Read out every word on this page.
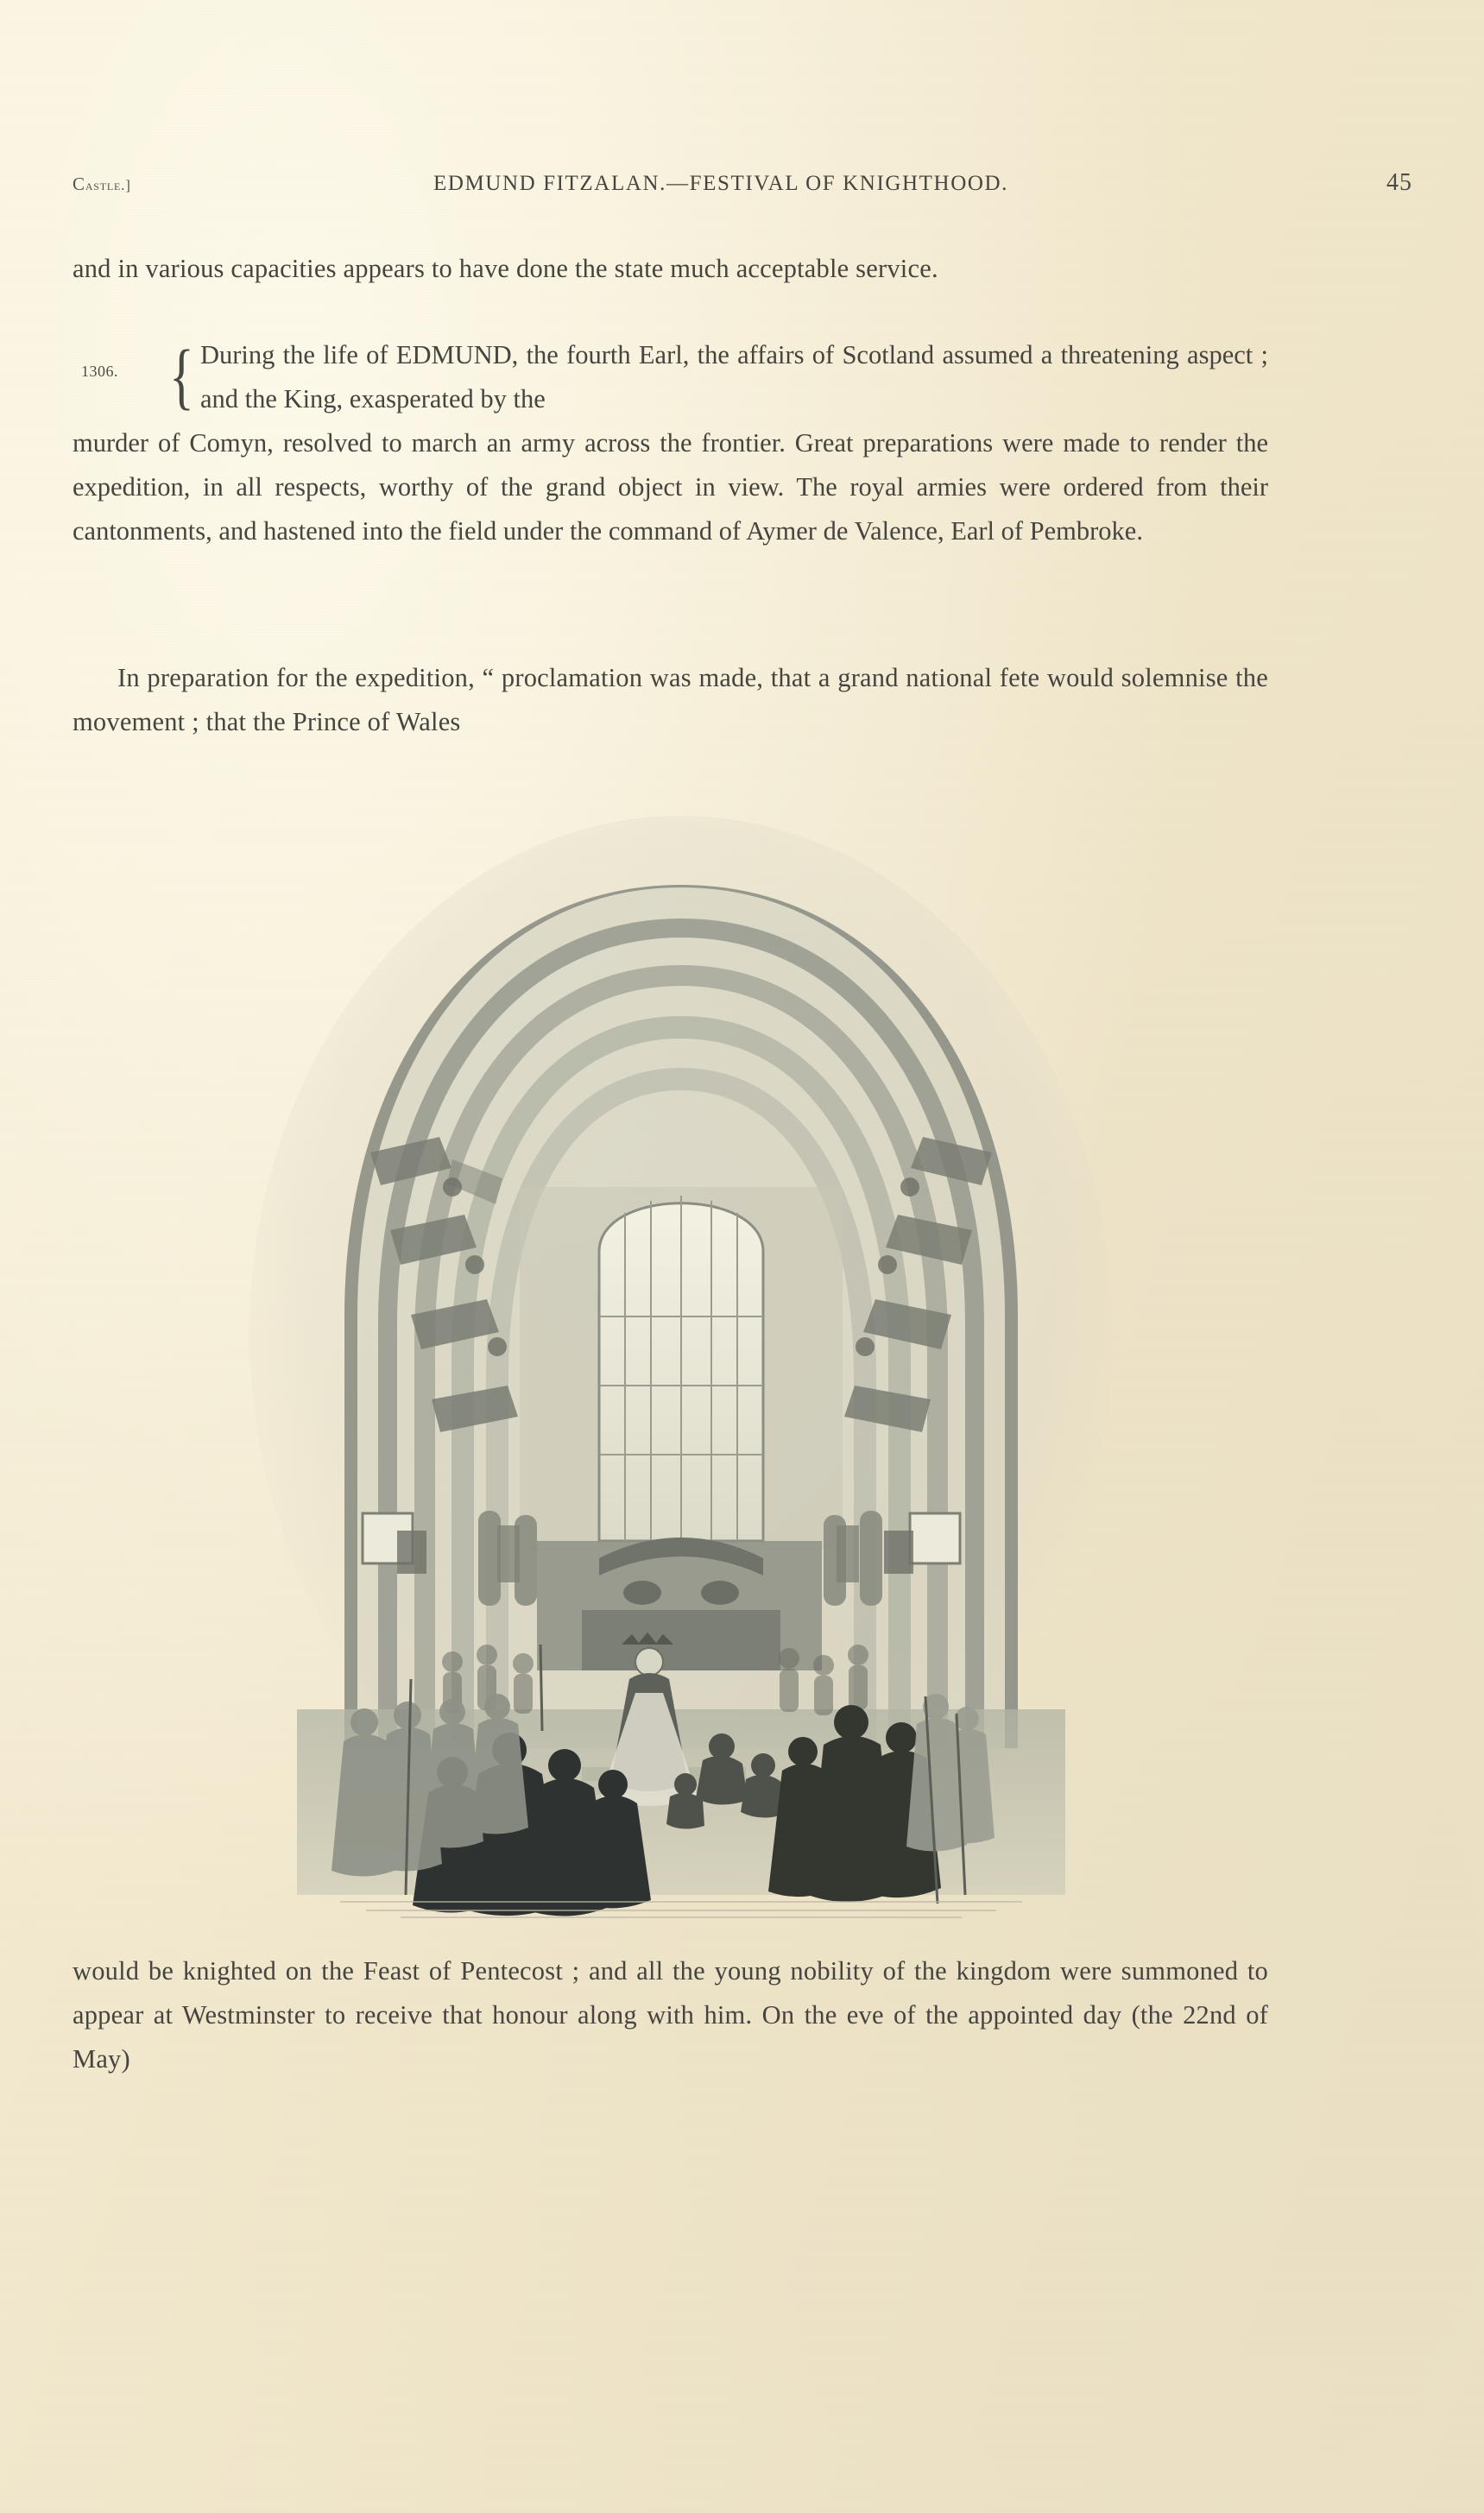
Castle.]	EDMUND FITZALAN.—FESTIVAL OF KNIGHTHOOD.	45

and in various capacities appears to have done the state much acceptable service.

1306. { During the life of EDMUND, the fourth Earl, the affairs of Scotland assumed a threatening aspect ; and the King, exasperated by the
murder of Comyn, resolved to march an army across the frontier. Great preparations were made to render the expedition, in all respects, worthy of the grand object in view. The royal armies were ordered from their cantonments, and hastened into the field under the command of Aymer de Valence, Earl of Pembroke.

In preparation for the expedition, “ proclamation was made, that a grand national fete would solemnise the movement ; that the Prince of Wales

would be knighted on the Feast of Pentecost ; and all the young nobility of the kingdom were summoned to appear at Westminster to receive that honour along with him. On the eve of the appointed day (the 22nd of May)
